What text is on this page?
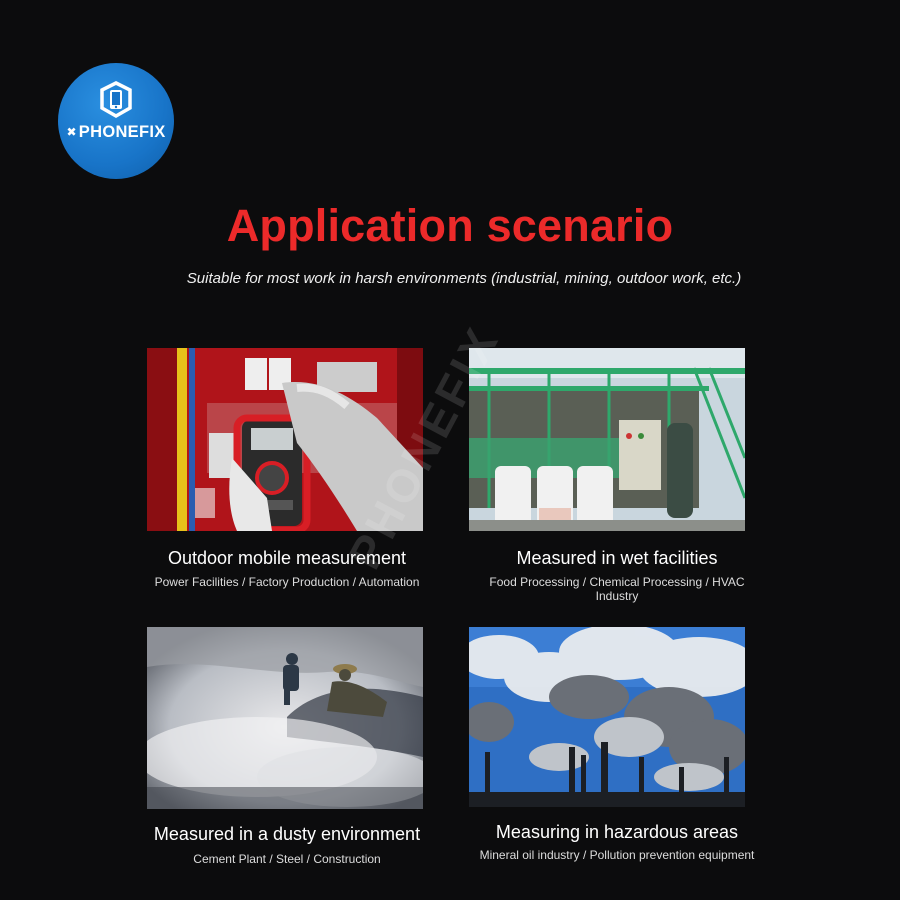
✖ PHONEFIX
Application scenario
Suitable for most work in harsh environments (industrial, mining, outdoor work, etc.)
Outdoor mobile measurement
Power Facilities / Factory Production / Automation
Measured in wet facilities
Food Processing / Chemical Processing / HVAC Industry
Measured in a dusty environment
Cement Plant / Steel / Construction
Measuring in hazardous areas
Mineral oil industry / Pollution prevention equipment
PHONEFIX
